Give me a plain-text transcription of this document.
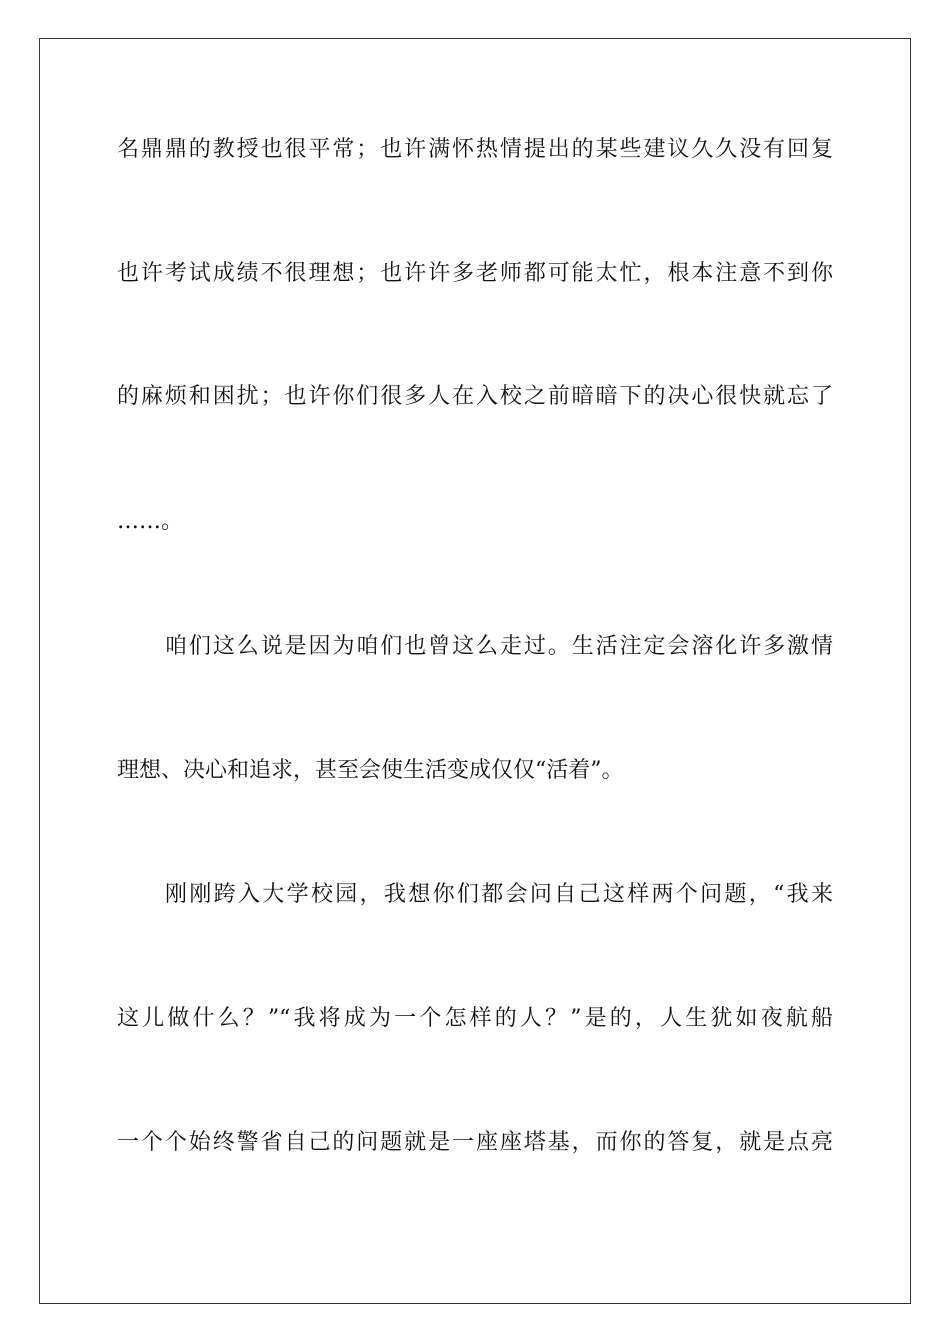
名鼎鼎的教授也很平常；也许满怀热情提出的某些建议久久没有回复
也许考试成绩不很理想；也许许多老师都可能太忙，根本注意不到你
的麻烦和困扰；也许你们很多人在入校之前暗暗下的决心很快就忘了
……。
咱们这么说是因为咱们也曾这么走过。生活注定会溶化许多激情
理想、决心和追求，甚至会使生活变成仅仅“活着”。
刚刚跨入大学校园，我想你们都会问自己这样两个问题，“我来
这儿做什么？”“我将成为一个怎样的人？”是的，人生犹如夜航船
一个个始终警省自己的问题就是一座座塔基，而你的答复，就是点亮
